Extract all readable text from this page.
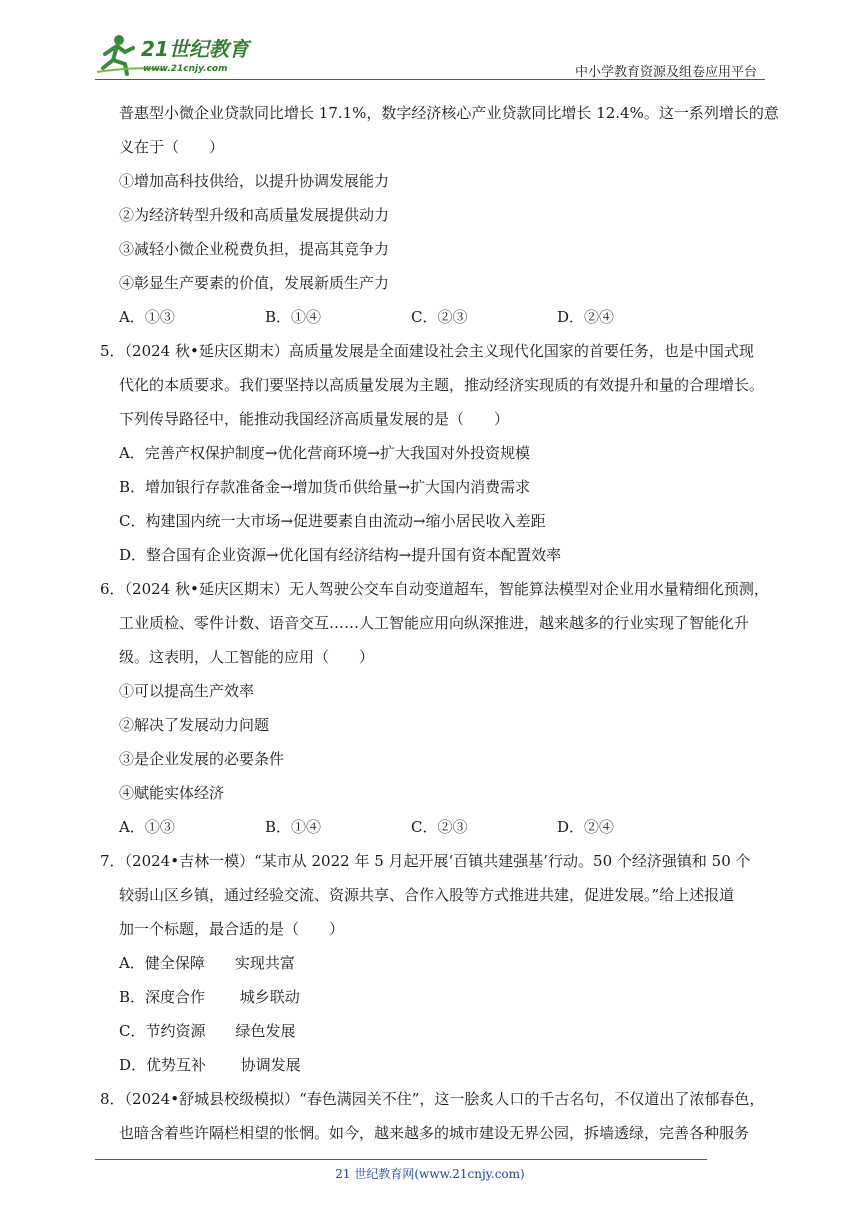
21世纪教育
www.21cnjy.com	中小学教育资源及组卷应用平台
普惠型小微企业贷款同比增长 17.1%，数字经济核心产业贷款同比增长 12.4%。这一系列增长的意
义在于（　　）
①增加高科技供给，以提升协调发展能力
②为经济转型升级和高质量发展提供动力
③减轻小微企业税费负担，提高其竞争力
④彰显生产要素的价值，发展新质生产力
A．①③	B．①④	C．②③	D．②④
5．（2024 秋•延庆区期末）高质量发展是全面建设社会主义现代化国家的首要任务，也是中国式现
代化的本质要求。我们要坚持以高质量发展为主题，推动经济实现质的有效提升和量的合理增长。
下列传导路径中，能推动我国经济高质量发展的是（　　）
A．完善产权保护制度→优化营商环境→扩大我国对外投资规模
B．增加银行存款准备金→增加货币供给量→扩大国内消费需求
C．构建国内统一大市场→促进要素自由流动→缩小居民收入差距
D．整合国有企业资源→优化国有经济结构→提升国有资本配置效率
6．（2024 秋•延庆区期末）无人驾驶公交车自动变道超车，智能算法模型对企业用水量精细化预测，
工业质检、零件计数、语音交互……人工智能应用向纵深推进，越来越多的行业实现了智能化升
级。这表明，人工智能的应用（　　）
①可以提高生产效率
②解决了发展动力问题
③是企业发展的必要条件
④赋能实体经济
A．①③	B．①④	C．②③	D．②④
7．（2024•吉林一模）“某市从 2022 年 5 月起开展‘百镇共建强基’行动。50 个经济强镇和 50 个
较弱山区乡镇，通过经验交流、资源共享、合作入股等方式推进共建，促进发展。”给上述报道
加一个标题，最合适的是（　　）
A．健全保障　　实现共富
B．深度合作　　 城乡联动
C．节约资源　　绿色发展
D．优势互补　　 协调发展
8．（2024•舒城县校级模拟）“春色满园关不住”，这一脍炙人口的千古名句，不仅道出了浓郁春色，
也暗含着些许隔栏相望的怅惘。如今，越来越多的城市建设无界公园，拆墙透绿，完善各种服务
21 世纪教育网(www.21cnjy.com)
